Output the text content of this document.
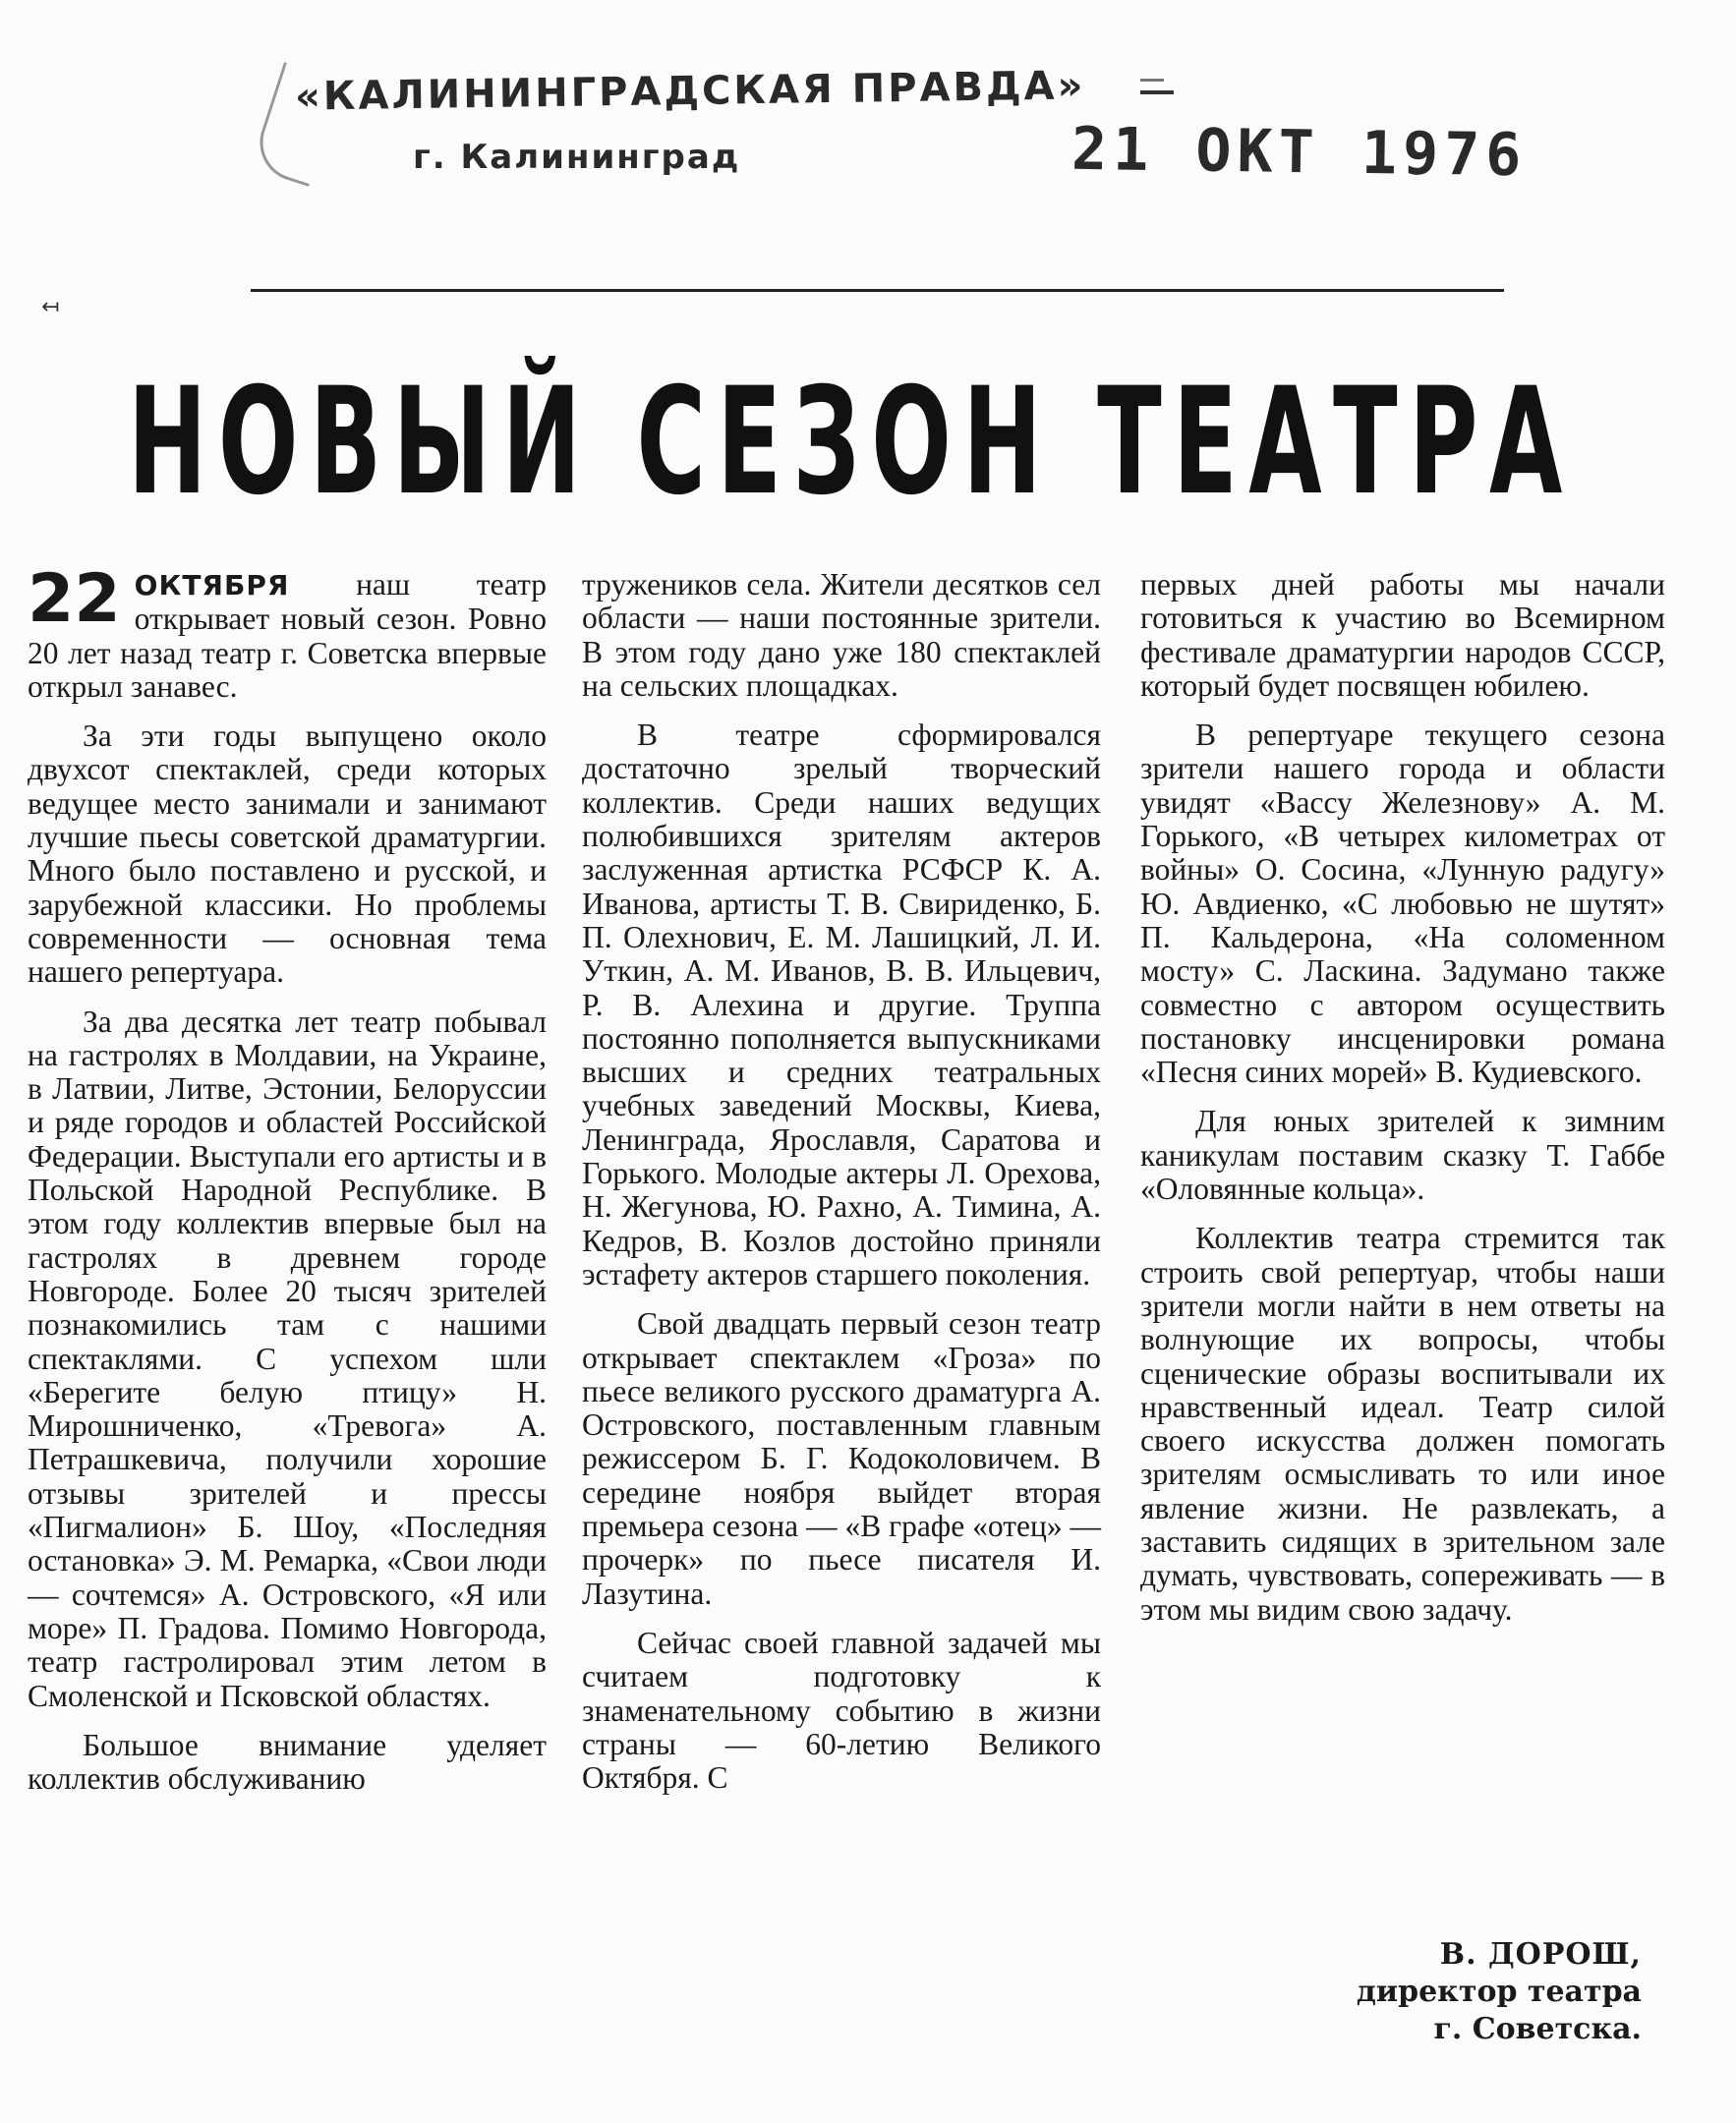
«КАЛИНИНГРАДСКАЯ ПРАВДА»
г. Калининград	21 ОКТ 1976
↤
НОВЫЙ СЕЗОН ТЕАТРА

22 ОКТЯБРЯ наш театр открывает новый сезон. Ровно 20 лет назад театр г. Советска впервые открыл занавес.

За эти годы выпущено около двухсот спектаклей, среди которых ведущее место занимали и занимают лучшие пьесы советской драматургии. Много было поставлено и русской, и зарубежной классики. Но проблемы современности — основная тема нашего репертуара.

За два десятка лет театр побывал на гастролях в Молдавии, на Украине, в Латвии, Литве, Эстонии, Белоруссии и ряде городов и областей Российской Федерации. Выступали его артисты и в Польской Народной Республике. В этом году коллектив впервые был на гастролях в древнем городе Новгороде. Более 20 тысяч зрителей познакомились там с нашими спектаклями. С успехом шли «Берегите белую птицу» Н. Мирошниченко, «Тревога» А. Петрашкевича, получили хорошие отзывы зрителей и прессы «Пигмалион» Б. Шоу, «Последняя остановка» Э. М. Ремарка, «Свои люди — сочтемся» А. Островского, «Я или море» П. Градова. Помимо Новгорода, театр гастролировал этим летом в Смоленской и Псковской областях.

Большое внимание уделяет коллектив обслуживанию

тружеников села. Жители десятков сел области — наши постоянные зрители. В этом году дано уже 180 спектаклей на сельских площадках.

В театре сформировался достаточно зрелый творческий коллектив. Среди наших ведущих полюбившихся зрителям актеров заслуженная артистка РСФСР К. А. Иванова, артисты Т. В. Свириденко, Б. П. Олехнович, Е. М. Лашицкий, Л. И. Уткин, А. М. Иванов, В. В. Ильцевич, Р. В. Алехина и другие. Труппа постоянно пополняется выпускниками высших и средних театральных учебных заведений Москвы, Киева, Ленинграда, Ярославля, Саратова и Горького. Молодые актеры Л. Орехова, Н. Жегунова, Ю. Рахно, А. Тимина, А. Кедров, В. Козлов достойно приняли эстафету актеров старшего поколения.

Свой двадцать первый сезон театр открывает спектаклем «Гроза» по пьесе великого русского драматурга А. Островского, поставленным главным режиссером Б. Г. Кодоколовичем. В середине ноября выйдет вторая премьера сезона — «В графе «отец» — прочерк» по пьесе писателя И. Лазутина.

Сейчас своей главной задачей мы считаем подготовку к знаменательному событию в жизни страны — 60-летию Великого Октября. С

первых дней работы мы начали готовиться к участию во Всемирном фестивале драматургии народов СССР, который будет посвящен юбилею.

В репертуаре текущего сезона зрители нашего города и области увидят «Вассу Железнову» А. М. Горького, «В четырех километрах от войны» О. Сосина, «Лунную радугу» Ю. Авдиенко, «С любовью не шутят» П. Кальдерона, «На соломенном мосту» С. Ласкина. Задумано также совместно с автором осуществить постановку инсценировки романа «Песня синих морей» В. Кудиевского.

Для юных зрителей к зимним каникулам поставим сказку Т. Габбе «Оловянные кольца».

Коллектив театра стремится так строить свой репертуар, чтобы наши зрители могли найти в нем ответы на волнующие их вопросы, чтобы сценические образы воспитывали их нравственный идеал. Театр силой своего искусства должен помогать зрителям осмысливать то или иное явление жизни. Не развлекать, а заставить сидящих в зрительном зале думать, чувствовать, сопереживать — в этом мы видим свою задачу.

В. ДОРОШ,
директор театра
г. Советска.
